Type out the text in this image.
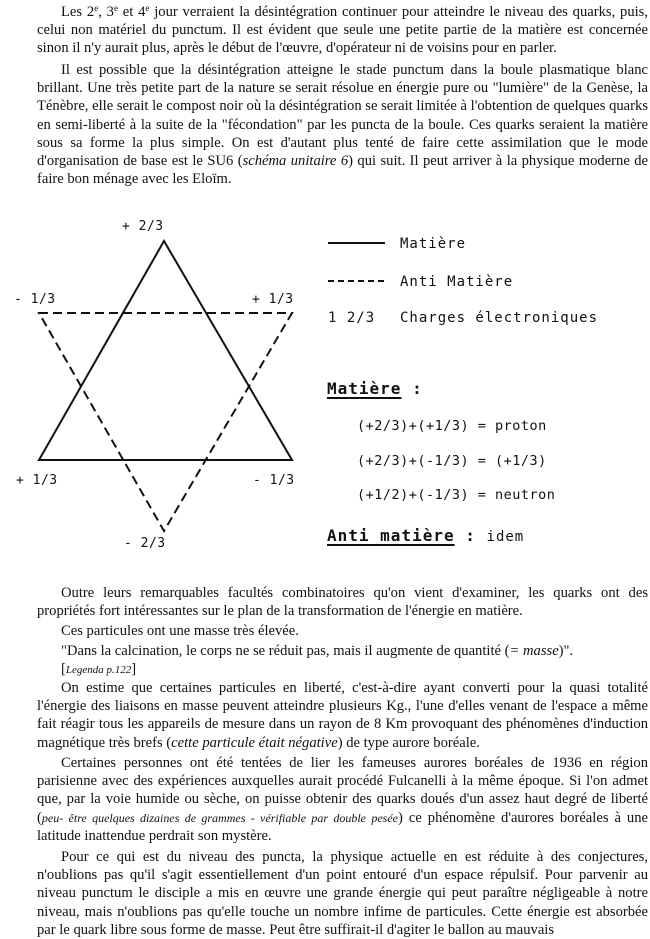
Les 2e, 3e et 4e jour verraient la désintégration continuer pour atteindre le niveau des quarks, puis, celui non matériel du punctum. Il est évident que seule une petite partie de la matière est concernée sinon il n'y aurait plus, après le début de l'œuvre, d'opérateur ni de voisins pour en parler.

Il est possible que la désintégration atteigne le stade punctum dans la boule plasmatique blanc brillant. Une très petite part de la nature se serait résolue en énergie pure ou "lumière" de la Genèse, la Ténèbre, elle serait le compost noir où la désintégration se serait limitée à l'obtention de quelques quarks en semi-liberté à la suite de la "fécondation" par les puncta de la boule. Ces quarks seraient la matière sous sa forme la plus simple. On est d'autant plus tenté de faire cette assimilation que le mode d'organisation de base est le SU6 (schéma unitaire 6) qui suit. Il peut arriver à la physique moderne de faire bon ménage avec les Eloïm.

+ 2/3
- 1/3	+ 1/3
+ 1/3	- 1/3
- 2/3
Matière
Anti Matière
1 2/3 Charges électroniques
Matière :
(+2/3)+(+1/3) = proton
(+2/3)+(-1/3) = (+1/3)
(+1/2)+(-1/3) = neutron
Anti matière : idem

Outre leurs remarquables facultés combinatoires qu'on vient d'examiner, les quarks ont des propriétés fort intéressantes sur le plan de la transformation de l'énergie en matière.

Ces particules ont une masse très élevée.

"Dans la calcination, le corps ne se réduit pas, mais il augmente de quantité (= masse)".

[Legenda p.122]

On estime que certaines particules en liberté, c'est-à-dire ayant converti pour la quasi totalité l'énergie des liaisons en masse peuvent atteindre plusieurs Kg., l'une d'elles venant de l'espace a même fait réagir tous les appareils de mesure dans un rayon de 8 Km provoquant des phénomènes d'induction magnétique très brefs (cette particule était négative) de type aurore boréale.

Certaines personnes ont été tentées de lier les fameuses aurores boréales de 1936 en région parisienne avec des expériences auxquelles aurait procédé Fulcanelli à la même époque. Si l'on admet que, par la voie humide ou sèche, on puisse obtenir des quarks doués d'un assez haut degré de liberté (peu- être quelques dizaines de grammes - vérifiable par double pesée) ce phénomène d'aurores boréales à une latitude inattendue perdrait son mystère.

Pour ce qui est du niveau des puncta, la physique actuelle en est réduite à des conjectures, n'oublions pas qu'il s'agit essentiellement d'un point entouré d'un espace répulsif. Pour parvenir au niveau punctum le disciple a mis en œuvre une grande énergie qui peut paraître négligeable à notre niveau, mais n'oublions pas qu'elle touche un nombre infime de particules. Cette énergie est absorbée par le quark libre sous forme de masse. Peut être suffirait-il d'agiter le ballon au mauvais
